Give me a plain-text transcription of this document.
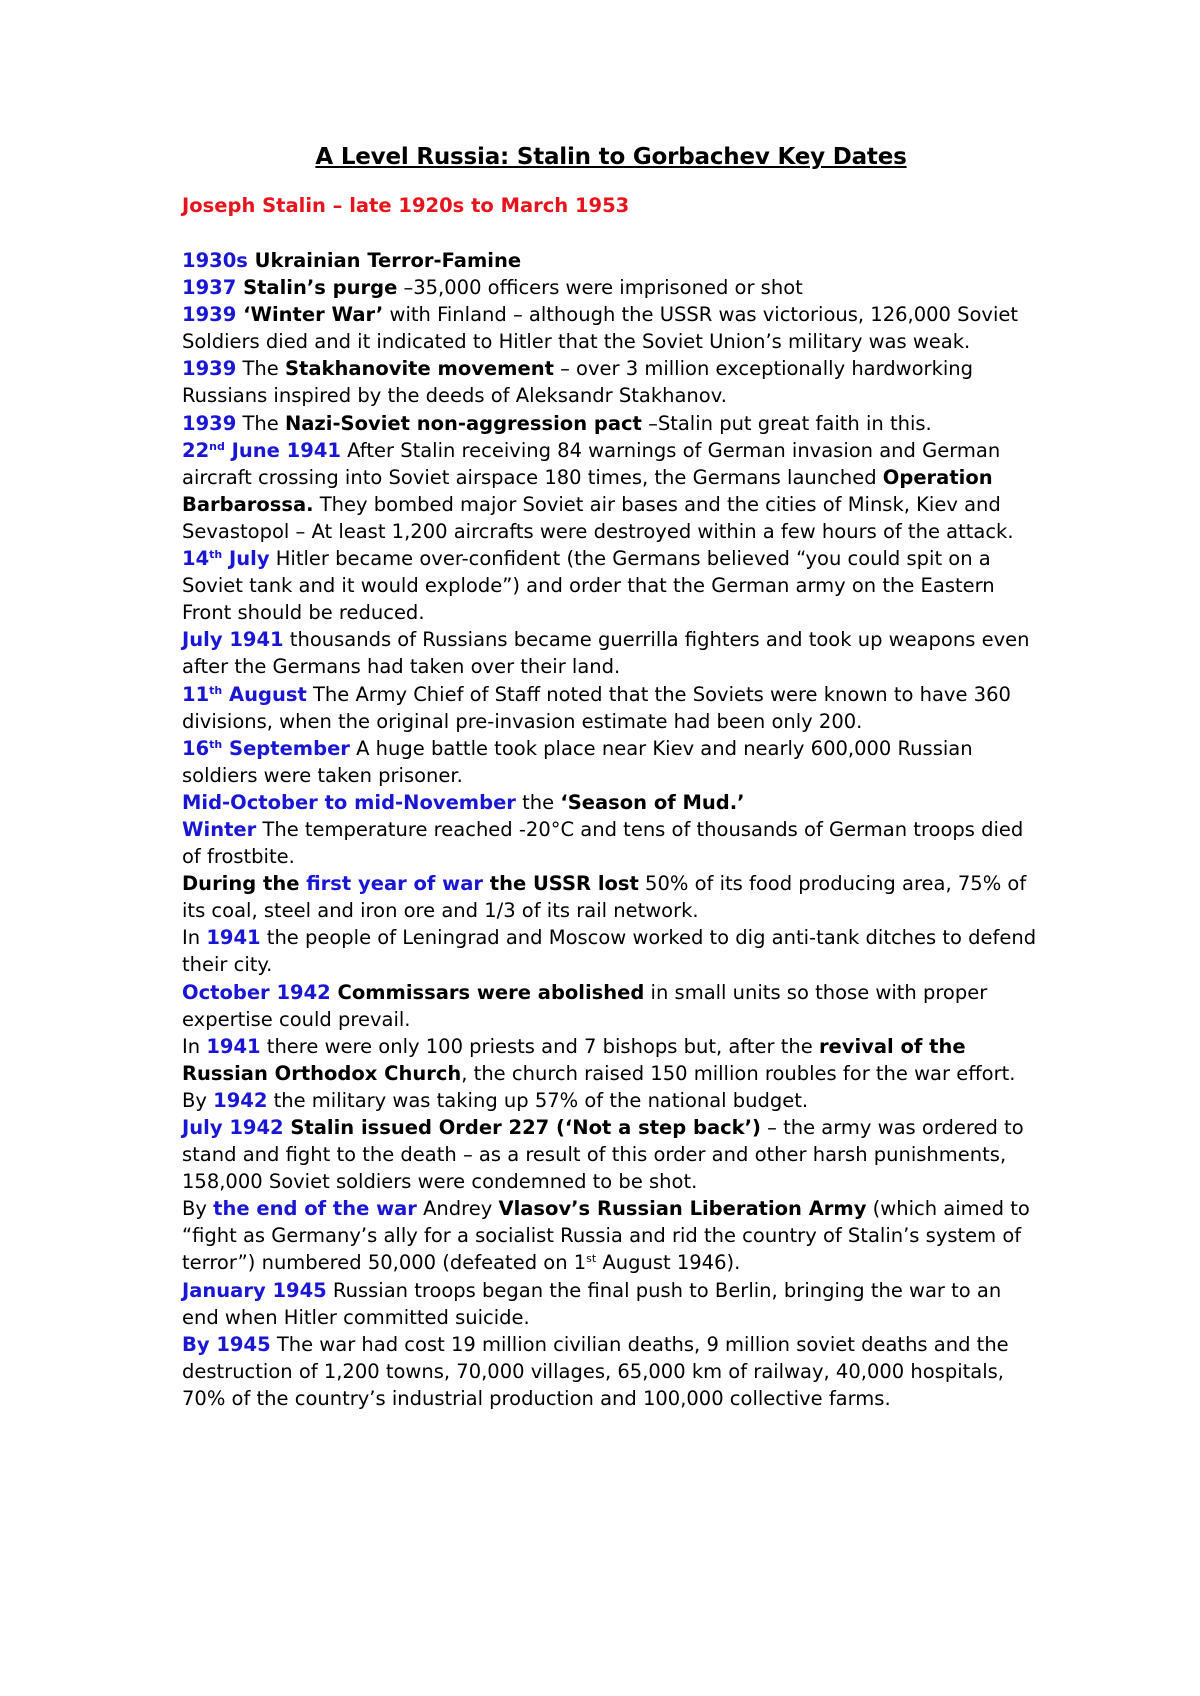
A Level Russia: Stalin to Gorbachev Key Dates
Joseph Stalin – late 1920s to March 1953

1930s Ukrainian Terror-Famine

1937 Stalin’s purge –35,000 officers were imprisoned or shot

1939 ‘Winter War’ with Finland – although the USSR was victorious, 126,000 Soviet Soldiers died and it indicated to Hitler that the Soviet Union’s military was weak.

1939 The Stakhanovite movement – over 3 million exceptionally hardworking Russians inspired by the deeds of Aleksandr Stakhanov.

1939 The Nazi-Soviet non-aggression pact –Stalin put great faith in this.

22nd June 1941 After Stalin receiving 84 warnings of German invasion and German aircraft crossing into Soviet airspace 180 times, the Germans launched Operation Barbarossa. They bombed major Soviet air bases and the cities of Minsk, Kiev and Sevastopol – At least 1,200 aircrafts were destroyed within a few hours of the attack.

14th July Hitler became over-confident (the Germans believed “you could spit on a Soviet tank and it would explode”) and order that the German army on the Eastern Front should be reduced.

July 1941 thousands of Russians became guerrilla fighters and took up weapons even after the Germans had taken over their land.

11th August The Army Chief of Staff noted that the Soviets were known to have 360 divisions, when the original pre-invasion estimate had been only 200.

16th September A huge battle took place near Kiev and nearly 600,000 Russian soldiers were taken prisoner.

Mid-October to mid-November the ‘Season of Mud.’

Winter The temperature reached -20°C and tens of thousands of German troops died of frostbite.

During the first year of war the USSR lost 50% of its food producing area, 75% of its coal, steel and iron ore and 1/3 of its rail network.

In 1941 the people of Leningrad and Moscow worked to dig anti-tank ditches to defend their city.

October 1942 Commissars were abolished in small units so those with proper expertise could prevail.

In 1941 there were only 100 priests and 7 bishops but, after the revival of the Russian Orthodox Church, the church raised 150 million roubles for the war effort.

By 1942 the military was taking up 57% of the national budget.

July 1942 Stalin issued Order 227 (‘Not a step back’) – the army was ordered to stand and fight to the death – as a result of this order and other harsh punishments, 158,000 Soviet soldiers were condemned to be shot.

By the end of the war Andrey Vlasov’s Russian Liberation Army (which aimed to “fight as Germany’s ally for a socialist Russia and rid the country of Stalin’s system of terror”) numbered 50,000 (defeated on 1st August 1946).

January 1945 Russian troops began the final push to Berlin, bringing the war to an end when Hitler committed suicide.

By 1945 The war had cost 19 million civilian deaths, 9 million soviet deaths and the destruction of 1,200 towns, 70,000 villages, 65,000 km of railway, 40,000 hospitals, 70% of the country’s industrial production and 100,000 collective farms.
